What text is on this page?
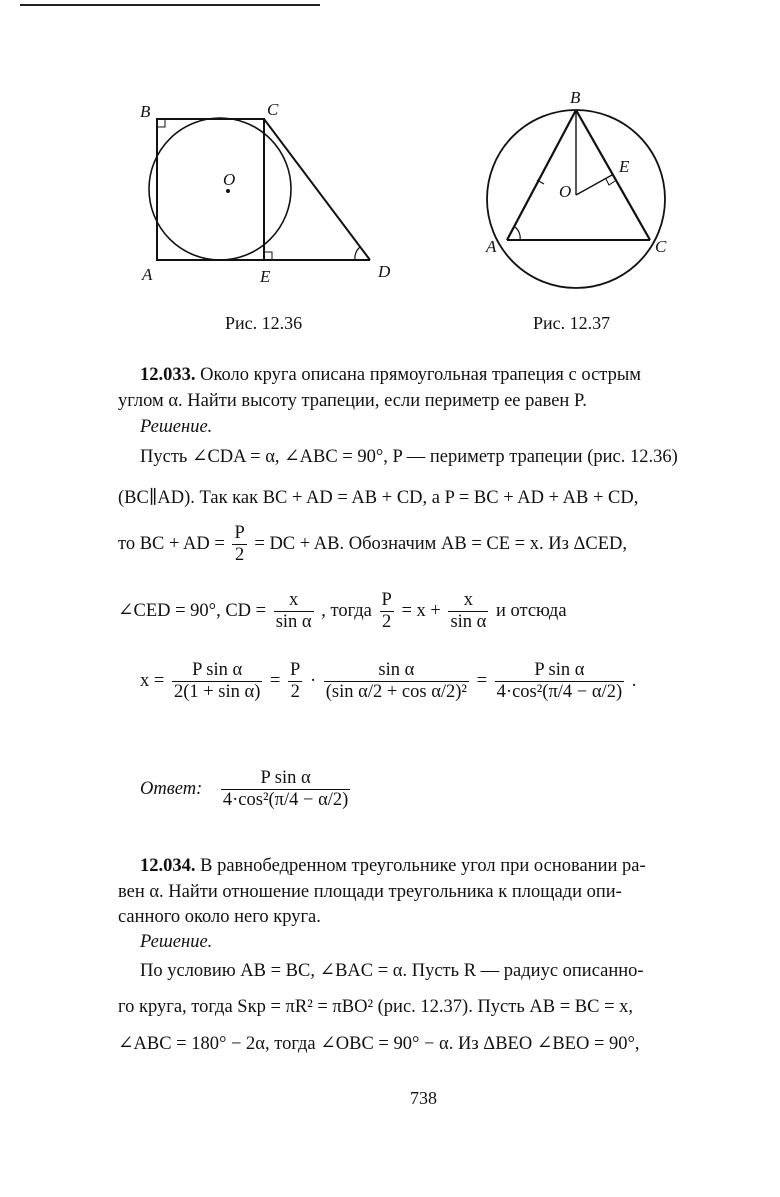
B	C
O
A	E	D
Рис. 12.36
B
E
O
A	C
Рис. 12.37
12.033. Около круга описана прямоугольная трапеция с острым
углом α. Найти высоту трапеции, если периметр ее равен P.
Решение.
Пусть ∠CDA = α, ∠ABC = 90°, P — периметр трапеции (рис. 12.36)
(BC∥AD). Так как BC + AD = AB + CD, а P = BC + AD + AB + CD,
то BC + AD = $\frac{P}{2}$ = DC + AB. Обозначим AB = CE = x. Из ΔCED,
∠CED = 90°, CD = $\frac{x}{\text{sin α}}$ , тогда $\frac{P}{2} = x + \frac{x}{\text{sin α}}$ и отсюда
$x = \frac{\text{P sin α}}{\text{2(1 + sin α)}} = \frac{P}{2} \cdot \frac{\text{sin α}}{\text{(sin α/2 + cos α/2)²}} = \frac{\text{P sin α}}{\text{4·cos²(π/4 − α/2)}}$ .
Ответ: $\frac{\text{P sin α}}{\text{4·cos²(π/4 − α/2)}}$
12.034. В равнобедренном треугольнике угол при основании ра-
вен α. Найти отношение площади треугольника к площади опи-
санного около него круга.
Решение.
По условию AB = BC, ∠BAC = α. Пусть R — радиус описанно-
го круга, тогда Sкр = πR² = πBO² (рис. 12.37). Пусть AB = BC = x,
∠ABC = 180° − 2α, тогда ∠OBC = 90° − α. Из ΔBEO ∠BEO = 90°,
738
